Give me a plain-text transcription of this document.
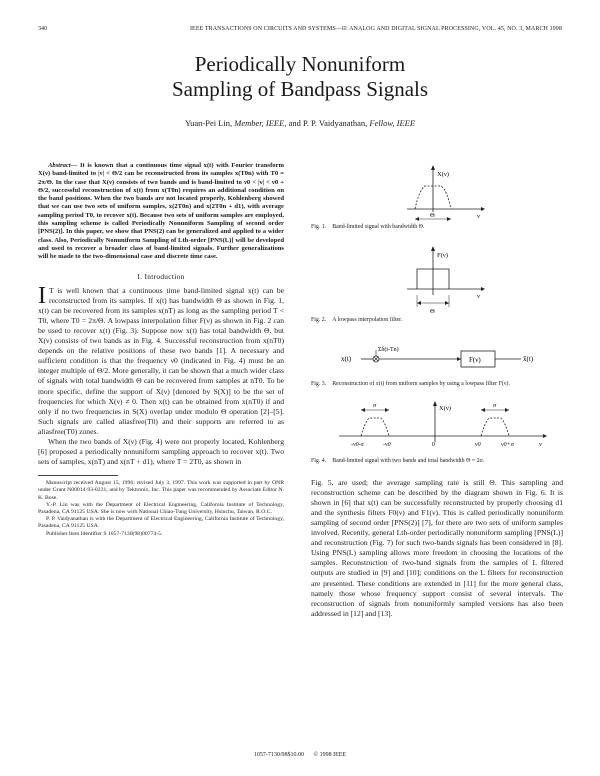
340	IEEE TRANSACTIONS ON CIRCUITS AND SYSTEMS—II: ANALOG AND DIGITAL SIGNAL PROCESSING, VOL. 45, NO. 3, MARCH 1998
Periodically Nonuniform
Sampling of Bandpass Signals
Yuan-Pei Lin, Member, IEEE, and P. P. Vaidyanathan, Fellow, IEEE

Abstract— It is known that a continuous time signal x(t) with Fourier transform X(ν) band-limited to |ν| < Θ/2 can be reconstructed from its samples x(T0n) with T0 = 2π/Θ. In the case that X(ν) consists of two bands and is band-limited to ν0 < |ν| < ν0 + Θ/2, successful reconstruction of x(t) from x(T0n) requires an additional condition on the band positions. When the two bands are not located properly, Kohlenberg showed that we can use two sets of uniform samples, x(2T0n) and x(2T0n + d1), with average sampling period T0, to recover x(t). Because two sets of uniform samples are employed, this sampling scheme is called Periodically Nonuniform Sampling of second order [PNS(2)]. In this paper, we show that PNS(2) can be generalized and applied to a wider class. Also, Periodically Nonuniform Sampling of Lth-order [PNS(L)] will be developed and used to recover a broader class of band-limited signals. Further generalizations will be made to the two-dimensional case and discrete time case.

I. Introduction
I T is well known that a continuous time band-limited signal x(t) can be reconstructed from its samples. If x(t) has bandwidth Θ as shown in Fig. 1, x(t) can be recovered from its samples x(nT) as long as the sampling period T < T0, where T0 = 2π/Θ. A lowpass interpolation filter F(ν) as shown in Fig. 2 can be used to recover x(t) (Fig. 3). Suppose now x(t) has total bandwidth Θ, but X(ν) consists of two bands as in Fig. 4. Successful reconstruction from x(nT0) depends on the relative positions of these two bands [1]. A necessary and sufficient condition is that the frequency ν0 (indicated in Fig. 4) must be an integer multiple of Θ/2. More generally, it can be shown that a much wider class of signals with total bandwidth Θ can be recovered from samples at nT0. To be more specific, define the support of X(ν) [denoted by S(X)] to be the set of frequencies for which X(ν) ≠ 0. Then x(t) can be obtained from x(nT0) if and only if no two frequencies in S(X) overlap under modulo Θ operation [2]–[5]. Such signals are called aliasfree(T0) and their supports are referred to as aliasfree(T0) zones.

When the two bands of X(ν) (Fig. 4) were not properly located, Kohlenberg [6] proposed a periodically nonuniform sampling approach to recover x(t). Two sets of samples, x(nT) and x(nT + d1), where T = 2T0, as shown in

Manuscript received August 15, 1996; revised July 3, 1997. This work was supported in part by ONR under Grant N00014-93-0231, and by Tektronix, Inc. This paper was recommended by Associate Editor N. K. Bose.

Y.-P. Lin was with the Department of Electrical Engineering, California Institute of Technology, Pasadena, CA 91125 USA. She is now with National Chiao-Tung University, Hsinchu, Taiwan, R.O.C.

P. P. Vaidyanathan is with the Department of Electrical Engineering, California Institute of Technology, Pasadena, CA 91125 USA.

Publisher Item Identifier S 1057-7130(98)00774-5.

X(ν)
ν
Θ

Fig. 1. Band-limited signal with bandwidth Θ.

F(ν)
ν
Θ

Fig. 2. A lowpass interpolation filter.

x(t)
Σδ(t-Tn)
F(ν)	x̂(t)

Fig. 3. Reconstruction of x(t) from uniform samples by using a lowpass filter F(ν).

σ	σ
X(ν)
ν
-ν0-σ	-ν0	0	ν0	ν0+σ

Fig. 4. Band-limited signal with two bands and total bandwidth Θ = 2σ.

Fig. 5, are used; the average sampling rate is still Θ. This sampling and reconstruction scheme can be described by the diagram shown in Fig. 6. It is shown in [6] that x(t) can be successfully reconstructed by properly choosing d1 and the synthesis filters F0(ν) and F1(ν). This is called periodically nonuniform sampling of second order [PNS(2)] [7], for there are two sets of uniform samples involved. Recently, general Lth-order periodically nonuniform sampling [PNS(L)] and reconstruction (Fig. 7) for such two-bands signals has been considered in [8]. Using PNS(L) sampling allows more freedom in choosing the locations of the samples. Reconstruction of two-band signals from the samples of L filtered outputs are studied in [9] and [10]; conditions on the L filters for reconstruction are presented. These conditions are extended in [11] for the more general class, namely those whose frequency support consist of several intervals. The reconstruction of signals from nonuniformly sampled versions has also been addressed in [12] and [13].

1057-7130/98$10.00 © 1998 IEEE
